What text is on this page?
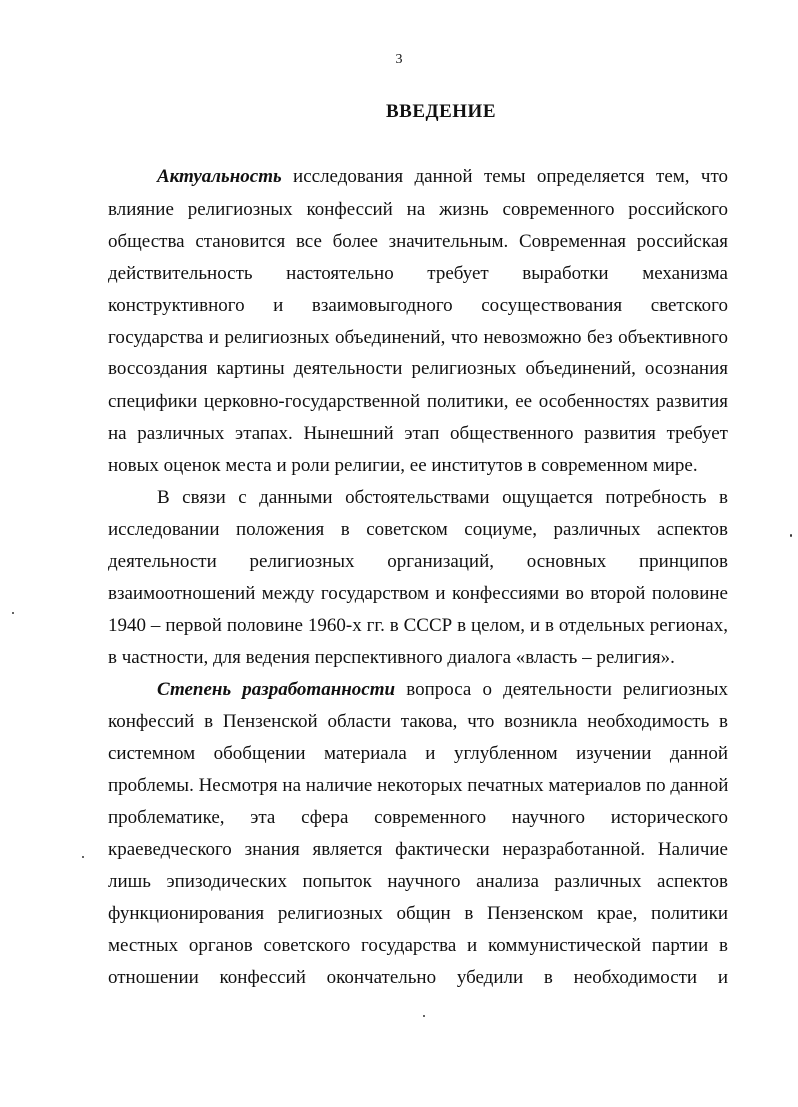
3
ВВЕДЕНИЕ
Актуальность исследования данной темы определяется тем, что
влияние религиозных конфессий на жизнь современного российского
общества становится все более значительным. Современная российская
действительность настоятельно требует выработки механизма
конструктивного и взаимовыгодного сосуществования светского
государства и религиозных объединений, что невозможно без объективного
воссоздания картины деятельности религиозных объединений, осознания
специфики церковно-государственной политики, ее особенностях развития
на различных этапах. Нынешний этап общественного развития требует
новых оценок места и роли религии, ее институтов в современном мире.
В связи с данными обстоятельствами ощущается потребность в
исследовании положения в советском социуме, различных аспектов
деятельности религиозных организаций, основных принципов
взаимоотношений между государством и конфессиями во второй половине
1940 – первой половине 1960-х гг. в СССР в целом, и в отдельных регионах,
в частности, для ведения перспективного диалога «власть – религия».
Степень разработанности вопроса о деятельности религиозных
конфессий в Пензенской области такова, что возникла необходимость в
системном обобщении материала и углубленном изучении данной
проблемы. Несмотря на наличие некоторых печатных материалов по данной
проблематике, эта сфера современного научного исторического
краеведческого знания является фактически неразработанной. Наличие
лишь эпизодических попыток научного анализа различных аспектов
функционирования религиозных общин в Пензенском крае, политики
местных органов советского государства и коммунистической партии в
отношении конфессий окончательно убедили в необходимости и
